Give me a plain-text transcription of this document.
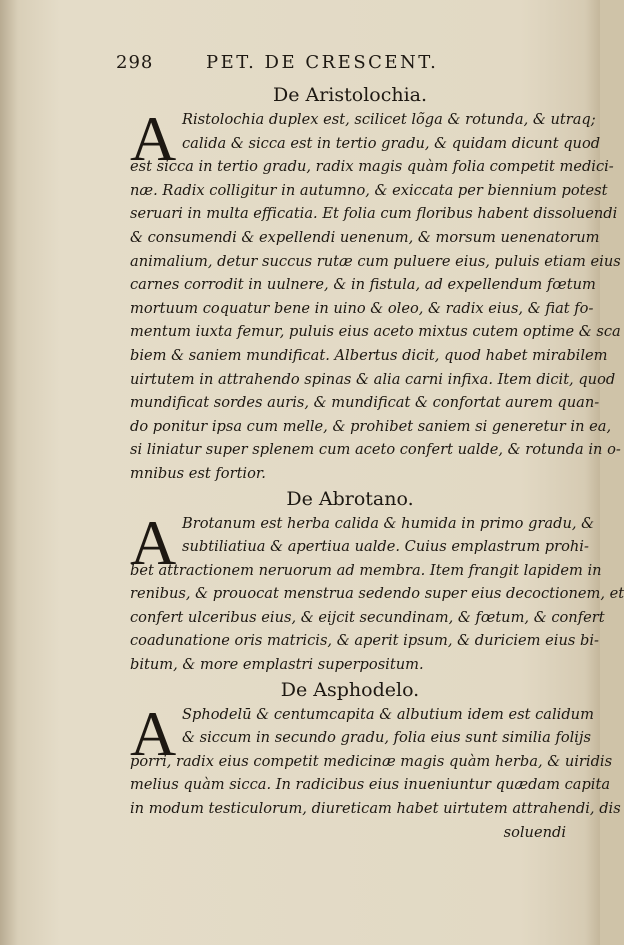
298	PET. DE CRESCENT.
De Aristolochia.
A Ristolochia duplex est, scilicet lõga & rotunda, & utraq;
calida & sicca est in tertio gradu, & quidam dicunt quod
est sicca in tertio gradu, radix magis quàm folia competit medici-
næ. Radix colligitur in autumno, & exiccata per biennium potest
seruari in multa efficatia. Et folia cum floribus habent dissoluendi
& consumendi & expellendi uenenum, & morsum uenenatorum
animalium, detur succus rutæ cum puluere eius, puluis etiam eius
carnes corrodit in uulnere, & in fistula, ad expellendum fœtum
mortuum coquatur bene in uino & oleo, & radix eius, & fiat fo-
mentum iuxta femur, puluis eius aceto mixtus cutem optime & sca
biem & saniem mundificat. Albertus dicit, quod habet mirabilem
uirtutem in attrahendo spinas & alia carni infixa. Item dicit, quod
mundificat sordes auris, & mundificat & confortat aurem quan-
do ponitur ipsa cum melle, & prohibet saniem si generetur in ea,
si liniatur super splenem cum aceto confert ualde, & rotunda in o-
mnibus est fortior.
De Abrotano.
A Brotanum est herba calida & humida in primo gradu, &
subtiliatiua & apertiua ualde. Cuius emplastrum prohi-
bet attractionem neruorum ad membra. Item frangit lapidem in
renibus, & prouocat menstrua sedendo super eius decoctionem, et
confert ulceribus eius, & eijcit secundinam, & fœtum, & confert
coadunatione oris matricis, & aperit ipsum, & duriciem eius bi-
bitum, & more emplastri superpositum.
De Asphodelo.
A Sphodelū & centumcapita & albutium idem est calidum
& siccum in secundo gradu, folia eius sunt similia folijs
porri, radix eius competit medicinæ magis quàm herba, & uiridis
melius quàm sicca. In radicibus eius inueniuntur quædam capita
in modum testiculorum, diureticam habet uirtutem attrahendi, dis
soluendi
